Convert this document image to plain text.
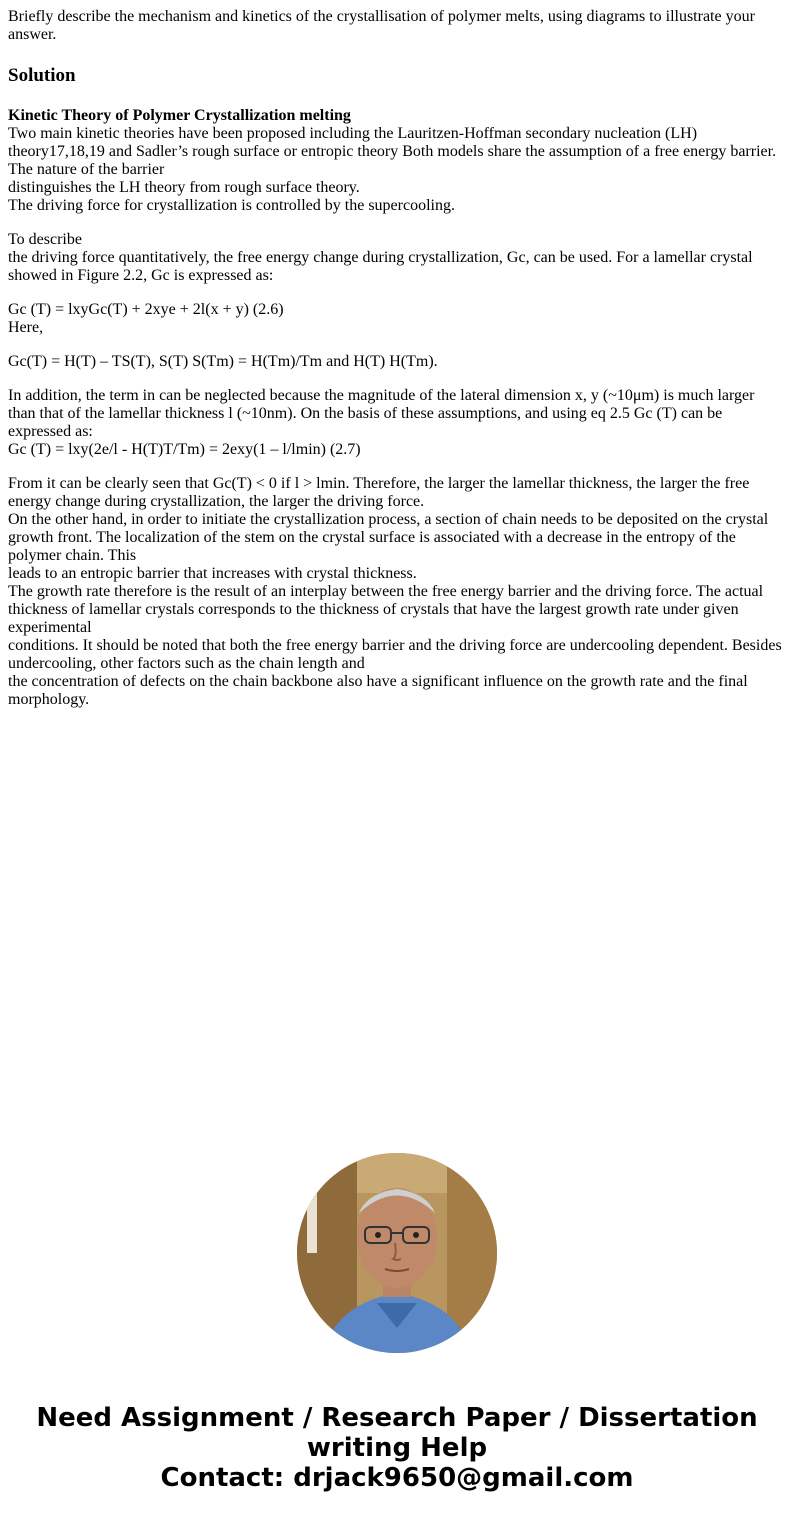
Briefly describe the mechanism and kinetics of the crystallisation of polymer melts, using diagrams to illustrate your answer.

Solution
Kinetic Theory of Polymer Crystallization melting
Two main kinetic theories have been proposed including the Lauritzen-Hoffman secondary nucleation (LH) theory17,18,19 and Sadler’s rough surface or entropic theory Both models share the assumption of a free energy barrier. The nature of the barrier
distinguishes the LH theory from rough surface theory.
The driving force for crystallization is controlled by the supercooling.
To describe
the driving force quantitatively, the free energy change during crystallization, Gc, can be used. For a lamellar crystal showed in Figure 2.2, Gc is expressed as:
Gc (T) = lxyGc(T) + 2xye + 2l(x + y) (2.6)
Here,
Gc(T) = H(T) – TS(T), S(T) S(Tm) = H(Tm)/Tm and H(T) H(Tm).
In addition, the term in can be neglected because the magnitude of the lateral dimension x, y (~10μm) is much larger than that of the lamellar thickness l (~10nm). On the basis of these assumptions, and using eq 2.5 Gc (T) can be expressed as:
Gc (T) = lxy(2e/l - H(T)T/Tm) = 2exy(1 – l/lmin) (2.7)
From it can be clearly seen that Gc(T) < 0 if l > lmin. Therefore, the larger the lamellar thickness, the larger the free energy change during crystallization, the larger the driving force.
On the other hand, in order to initiate the crystallization process, a section of chain needs to be deposited on the crystal growth front. The localization of the stem on the crystal surface is associated with a decrease in the entropy of the polymer chain. This
leads to an entropic barrier that increases with crystal thickness.
The growth rate therefore is the result of an interplay between the free energy barrier and the driving force. The actual thickness of lamellar crystals corresponds to the thickness of crystals that have the largest growth rate under given experimental
conditions. It should be noted that both the free energy barrier and the driving force are undercooling dependent. Besides undercooling, other factors such as the chain length and
the concentration of defects on the chain backbone also have a significant influence on the growth rate and the final morphology.
Need Assignment / Research Paper / Dissertation
writing Help
Contact: drjack9650@gmail.com
